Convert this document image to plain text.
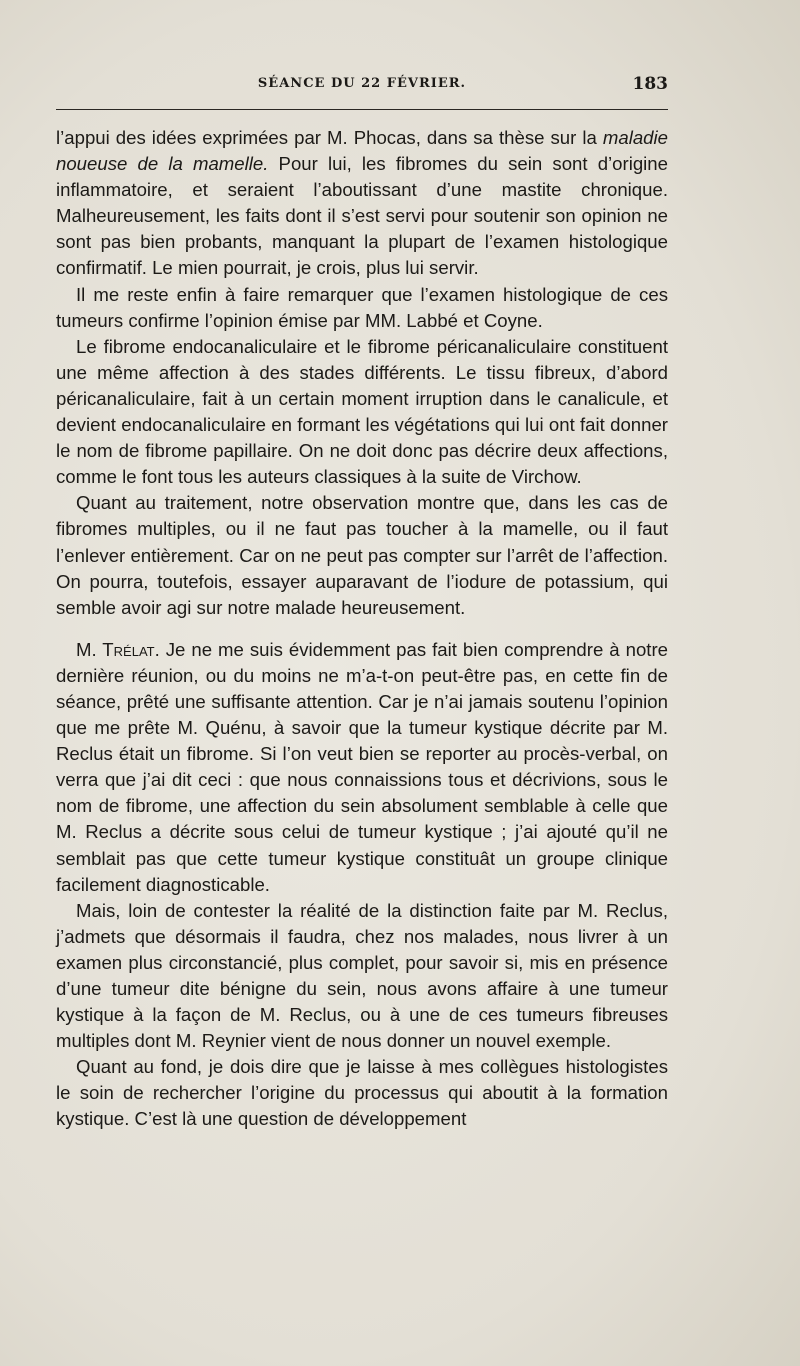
SÉANCE DU 22 FÉVRIER.	183

l’appui des idées exprimées par M. Phocas, dans sa thèse sur la maladie noueuse de la mamelle. Pour lui, les fibromes du sein sont d’origine inflammatoire, et seraient l’aboutissant d’une mastite chronique. Malheureusement, les faits dont il s’est servi pour soutenir son opinion ne sont pas bien probants, manquant la plupart de l’examen histologique confirmatif. Le mien pourrait, je crois, plus lui servir.

Il me reste enfin à faire remarquer que l’examen histologique de ces tumeurs confirme l’opinion émise par MM. Labbé et Coyne.

Le fibrome endocanaliculaire et le fibrome péricanaliculaire constituent une même affection à des stades différents. Le tissu fibreux, d’abord péricanaliculaire, fait à un certain moment irruption dans le canalicule, et devient endocanaliculaire en formant les végétations qui lui ont fait donner le nom de fibrome papillaire. On ne doit donc pas décrire deux affections, comme le font tous les auteurs classiques à la suite de Virchow.

Quant au traitement, notre observation montre que, dans les cas de fibromes multiples, ou il ne faut pas toucher à la mamelle, ou il faut l’enlever entièrement. Car on ne peut pas compter sur l’arrêt de l’affection. On pourra, toutefois, essayer auparavant de l’iodure de potassium, qui semble avoir agi sur notre malade heureusement.

M. Trélat. Je ne me suis évidemment pas fait bien comprendre à notre dernière réunion, ou du moins ne m’a-t-on peut-être pas, en cette fin de séance, prêté une suffisante attention. Car je n’ai jamais soutenu l’opinion que me prête M. Quénu, à savoir que la tumeur kystique décrite par M. Reclus était un fibrome. Si l’on veut bien se reporter au procès-verbal, on verra que j’ai dit ceci : que nous connaissions tous et décrivions, sous le nom de fibrome, une affection du sein absolument semblable à celle que M. Reclus a décrite sous celui de tumeur kystique ; j’ai ajouté qu’il ne semblait pas que cette tumeur kystique constituât un groupe clinique facilement diagnosticable.

Mais, loin de contester la réalité de la distinction faite par M. Reclus, j’admets que désormais il faudra, chez nos malades, nous livrer à un examen plus circonstancié, plus complet, pour savoir si, mis en présence d’une tumeur dite bénigne du sein, nous avons affaire à une tumeur kystique à la façon de M. Reclus, ou à une de ces tumeurs fibreuses multiples dont M. Reynier vient de nous donner un nouvel exemple.

Quant au fond, je dois dire que je laisse à mes collègues histologistes le soin de rechercher l’origine du processus qui aboutit à la formation kystique. C’est là une question de développement
